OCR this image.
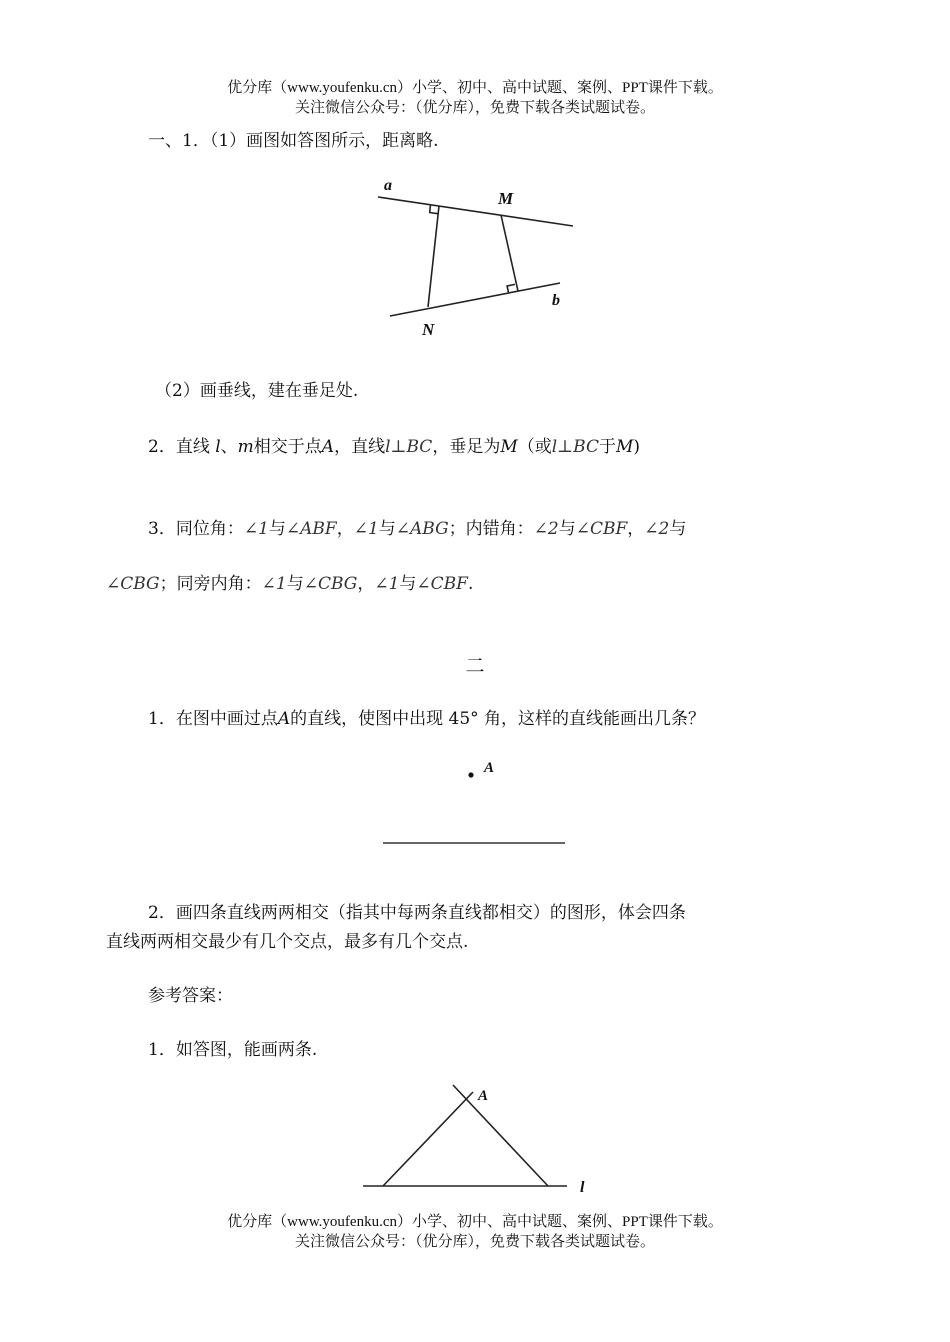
优分库（www.youfenku.cn）小学、初中、高中试题、案例、PPT课件下载。
关注微信公众号：（优分库），免费下载各类试题试卷。
一、1．（1）画图如答图所示，距离略.
a
M
b
N
（2）画垂线，建在垂足处.
2．直线 l、m相交于点A，直线l⊥BC，垂足为M（或l⊥BC于M)
3．同位角：∠1与∠ABF，∠1与∠ABG；内错角：∠2与∠CBF，∠2与
∠CBG；同旁内角：∠1与∠CBG，∠1与∠CBF.
二
1．在图中画过点A的直线，使图中出现 45° 角，这样的直线能画出几条？
A
2．画四条直线两两相交（指其中每两条直线都相交）的图形，体会四条
直线两两相交最少有几个交点，最多有几个交点.
参考答案：
1．如答图，能画两条.
A
l
优分库（www.youfenku.cn）小学、初中、高中试题、案例、PPT课件下载。
关注微信公众号：（优分库），免费下载各类试题试卷。
